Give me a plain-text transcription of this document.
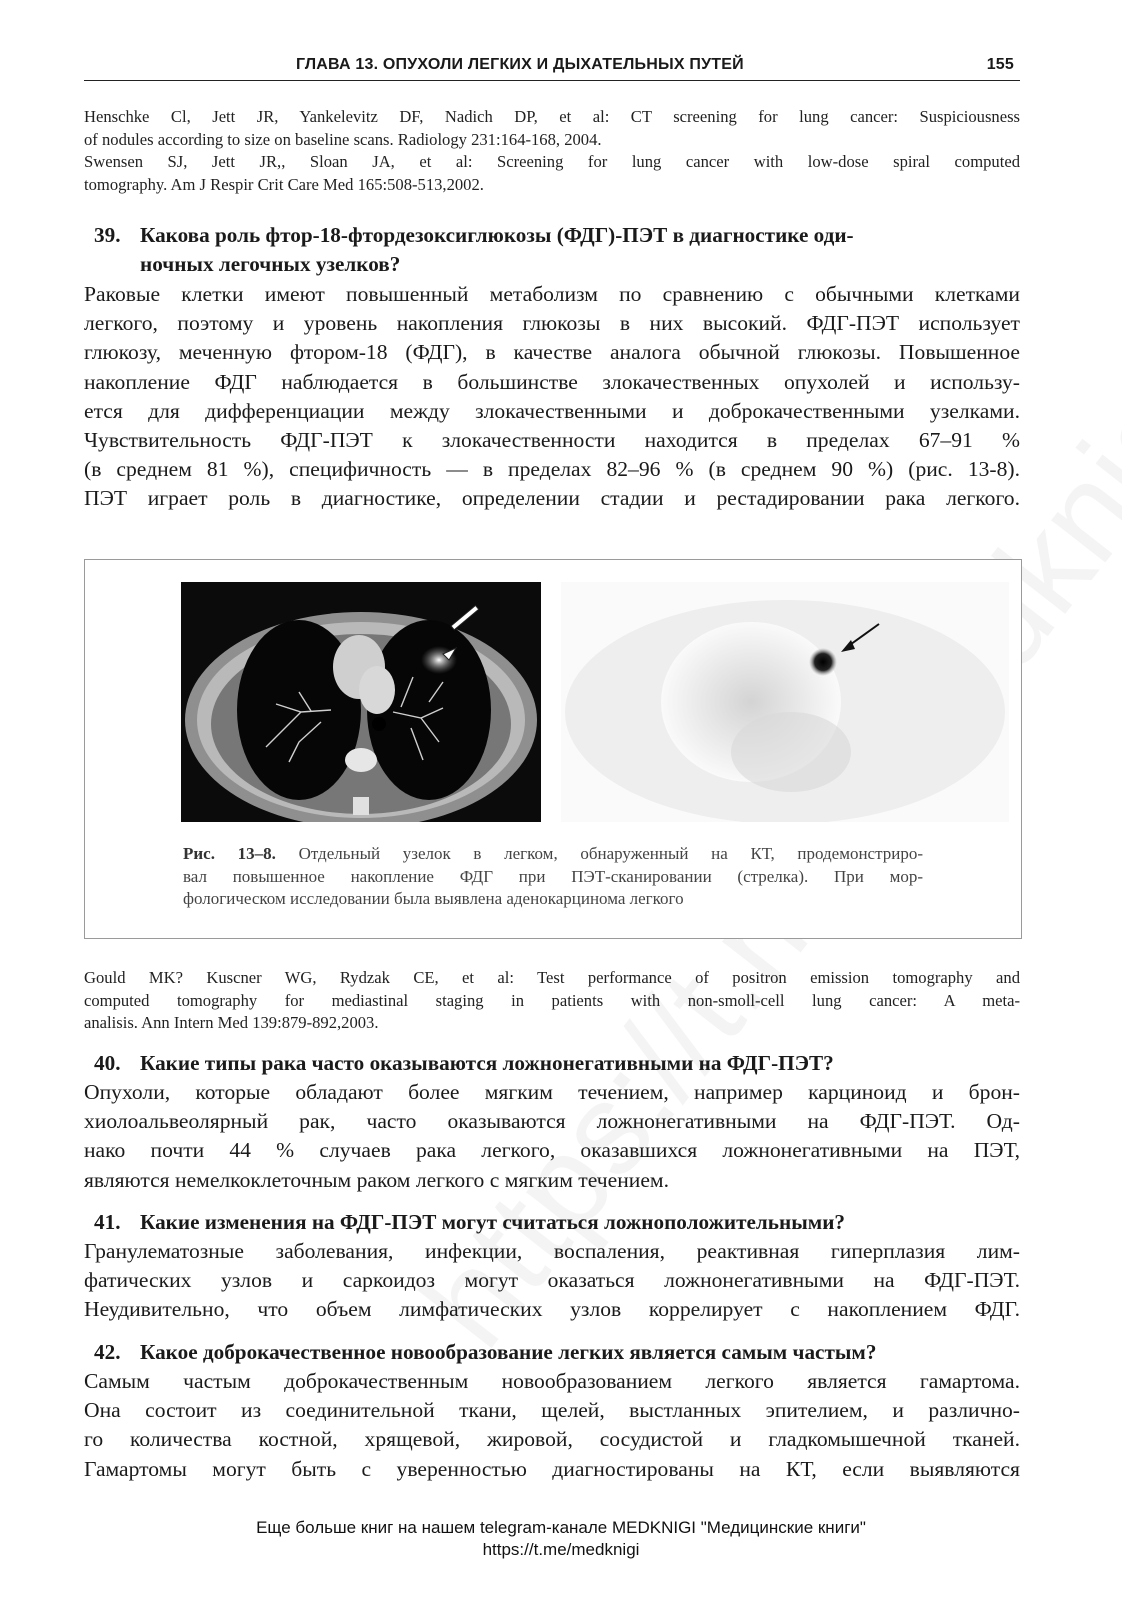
ГЛАВА 13. ОПУХОЛИ ЛЕГКИХ И ДЫХАТЕЛЬНЫХ ПУТЕЙ	155

Henschke Cl, Jett JR, Yankelevitz DF, Nadich DP, et al: CT screening for lung cancer: Suspiciousness

of nodules according to size on baseline scans. Radiology 231:164-168, 2004.

Swensen SJ, Jett JR,, Sloan JA, et al: Screening for lung cancer with low-dose spiral computed

tomography. Am J Respir Crit Care Med 165:508-513,2002.

39. Какова роль фтор-18-фтордезоксиглюкозы (ФДГ)-ПЭТ в диагностике оди-
ночных легочных узелков?

Раковые клетки имеют повышенный метаболизм по сравнению с обычными клетками

легкого, поэтому и уровень накопления глюкозы в них высокий. ФДГ-ПЭТ использует

глюкозу, меченную фтором-18 (ФДГ), в качестве аналога обычной глюкозы. Повышенное

накопление ФДГ наблюдается в большинстве злокачественных опухолей и использу-

ется для дифференциации между злокачественными и доброкачественными узелками.

Чувствительность ФДГ-ПЭТ к злокачественности находится в пределах 67–91 %

(в среднем 81 %), специфичность — в пределах 82–96 % (в среднем 90 %) (рис. 13-8).

ПЭТ играет роль в диагностике, определении стадии и рестадировании рака легкого.

Рис. 13–8. Отдельный узелок в легком, обнаруженный на КТ, продемонстриро-

вал повышенное накопление ФДГ при ПЭТ-сканировании (стрелка). При мор-

фологическом исследовании была выявлена аденокарцинома легкого

Gould MK? Kuscner WG, Rydzak CE, et al: Test performance of positron emission tomography and

computed tomography for mediastinal staging in patients with non-smoll-cell lung cancer: A meta-

analisis. Ann Intern Med 139:879-892,2003.

40. Какие типы рака часто оказываются ложнонегативными на ФДГ-ПЭТ?

Опухоли, которые обладают более мягким течением, например карциноид и брон-

хиолоальвеолярный рак, часто оказываются ложнонегативными на ФДГ-ПЭТ. Од-

нако почти 44 % случаев рака легкого, оказавшихся ложнонегативными на ПЭТ,

являются немелкоклеточным раком легкого с мягким течением.

41. Какие изменения на ФДГ-ПЭТ могут считаться ложноположительными?

Гранулематозные заболевания, инфекции, воспаления, реактивная гиперплазия лим-

фатических узлов и саркоидоз могут оказаться ложнонегативными на ФДГ-ПЭТ.

Неудивительно, что объем лимфатических узлов коррелирует с накоплением ФДГ.

42. Какое доброкачественное новообразование легких является самым частым?

Самым частым доброкачественным новообразованием легкого является гамартома.

Она состоит из соединительной ткани, щелей, выстланных эпителием, и различно-

го количества костной, хрящевой, жировой, сосудистой и гладкомышечной тканей.

Гамартомы могут быть с уверенностью диагностированы на КТ, если выявляются

Еще больше книг на нашем telegram-канале MEDKNIGI "Медицинские книги"

https://t.me/medknigi
